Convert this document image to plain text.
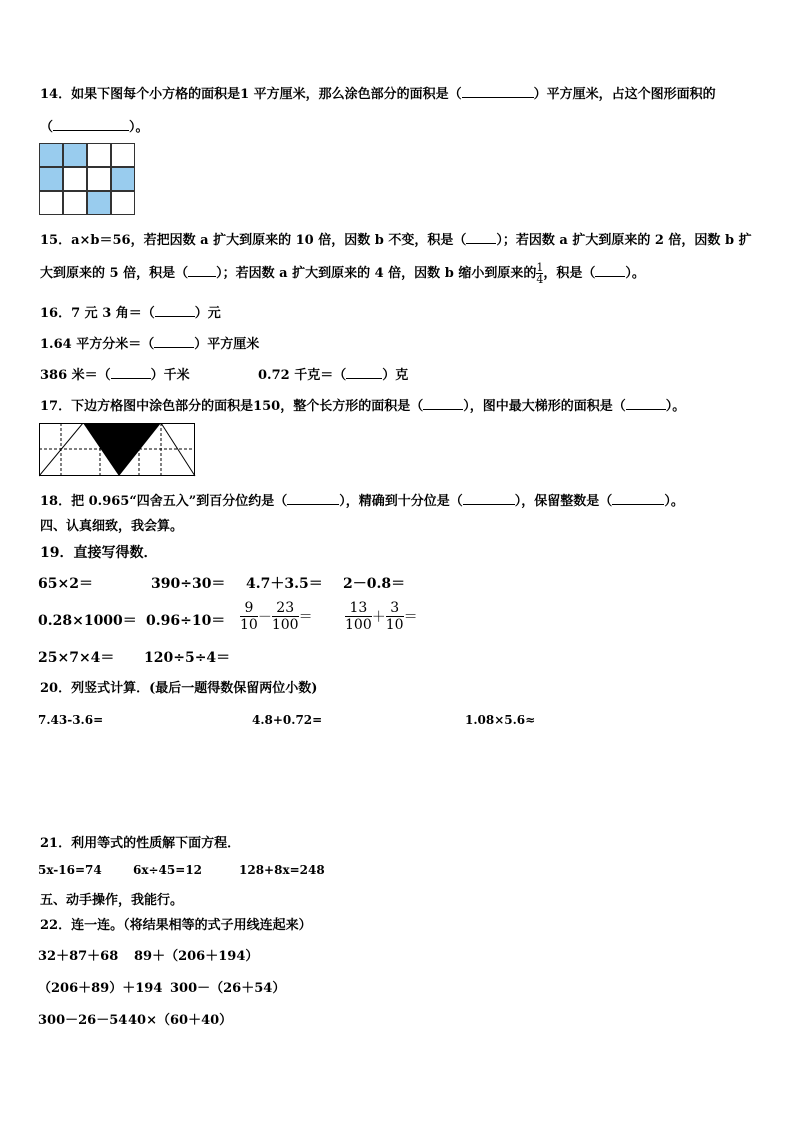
14．如果下图每个小方格的面积是1 平方厘米，那么涂色部分的面积是（	）平方厘米，占这个图形面积的
（	）。
15．a×b＝56，若把因数 a 扩大到原来的 10 倍，因数 b 不变，积是（ ）；若因数 a 扩大到原来的 2 倍，因数 b 扩
大到原来的 5 倍，积是（ ）；若因数 a 扩大到原来的 4 倍，因数 b 缩小到原来的 $\frac{1}{4}$ ，积是（ ）。
16．7 元 3 角＝（	）元
1.64 平方分米＝（	）平方厘米
386 米＝（	）千米	0.72 千克＝（	）克
17．下边方格图中涂色部分的面积是150，整个长方形的面积是（	），图中最大梯形的面积是（	）。
18．把 0.965“四舍五入”到百分位约是（	），精确到十分位是（	），保留整数是（	）。
四、认真细致，我会算。
19．直接写得数．
65×2＝	390÷30＝ 4.7＋3.5＝ 2－0.8＝
$0.28\times 1000= 0.96\div 10= \frac{9}{10} - \frac{23}{100} = \frac{13}{100} + \frac{3}{10}$ ＝
25×7×4＝ 120÷5÷4＝
20．列竖式计算．(最后一题得数保留两位小数)
7.43-3.6=	4.8+0.72=	1.08×5.6≈
21．利用等式的性质解下面方程．
5x-16=74	6x÷45=12	128+8x=248
五、动手操作，我能行。
22．连一连。（将结果相等的式子用线连起来）
32＋87＋68 89＋（206＋194）
（206＋89）＋194 300－（26＋54）
300－26－54 40×（60＋40）
